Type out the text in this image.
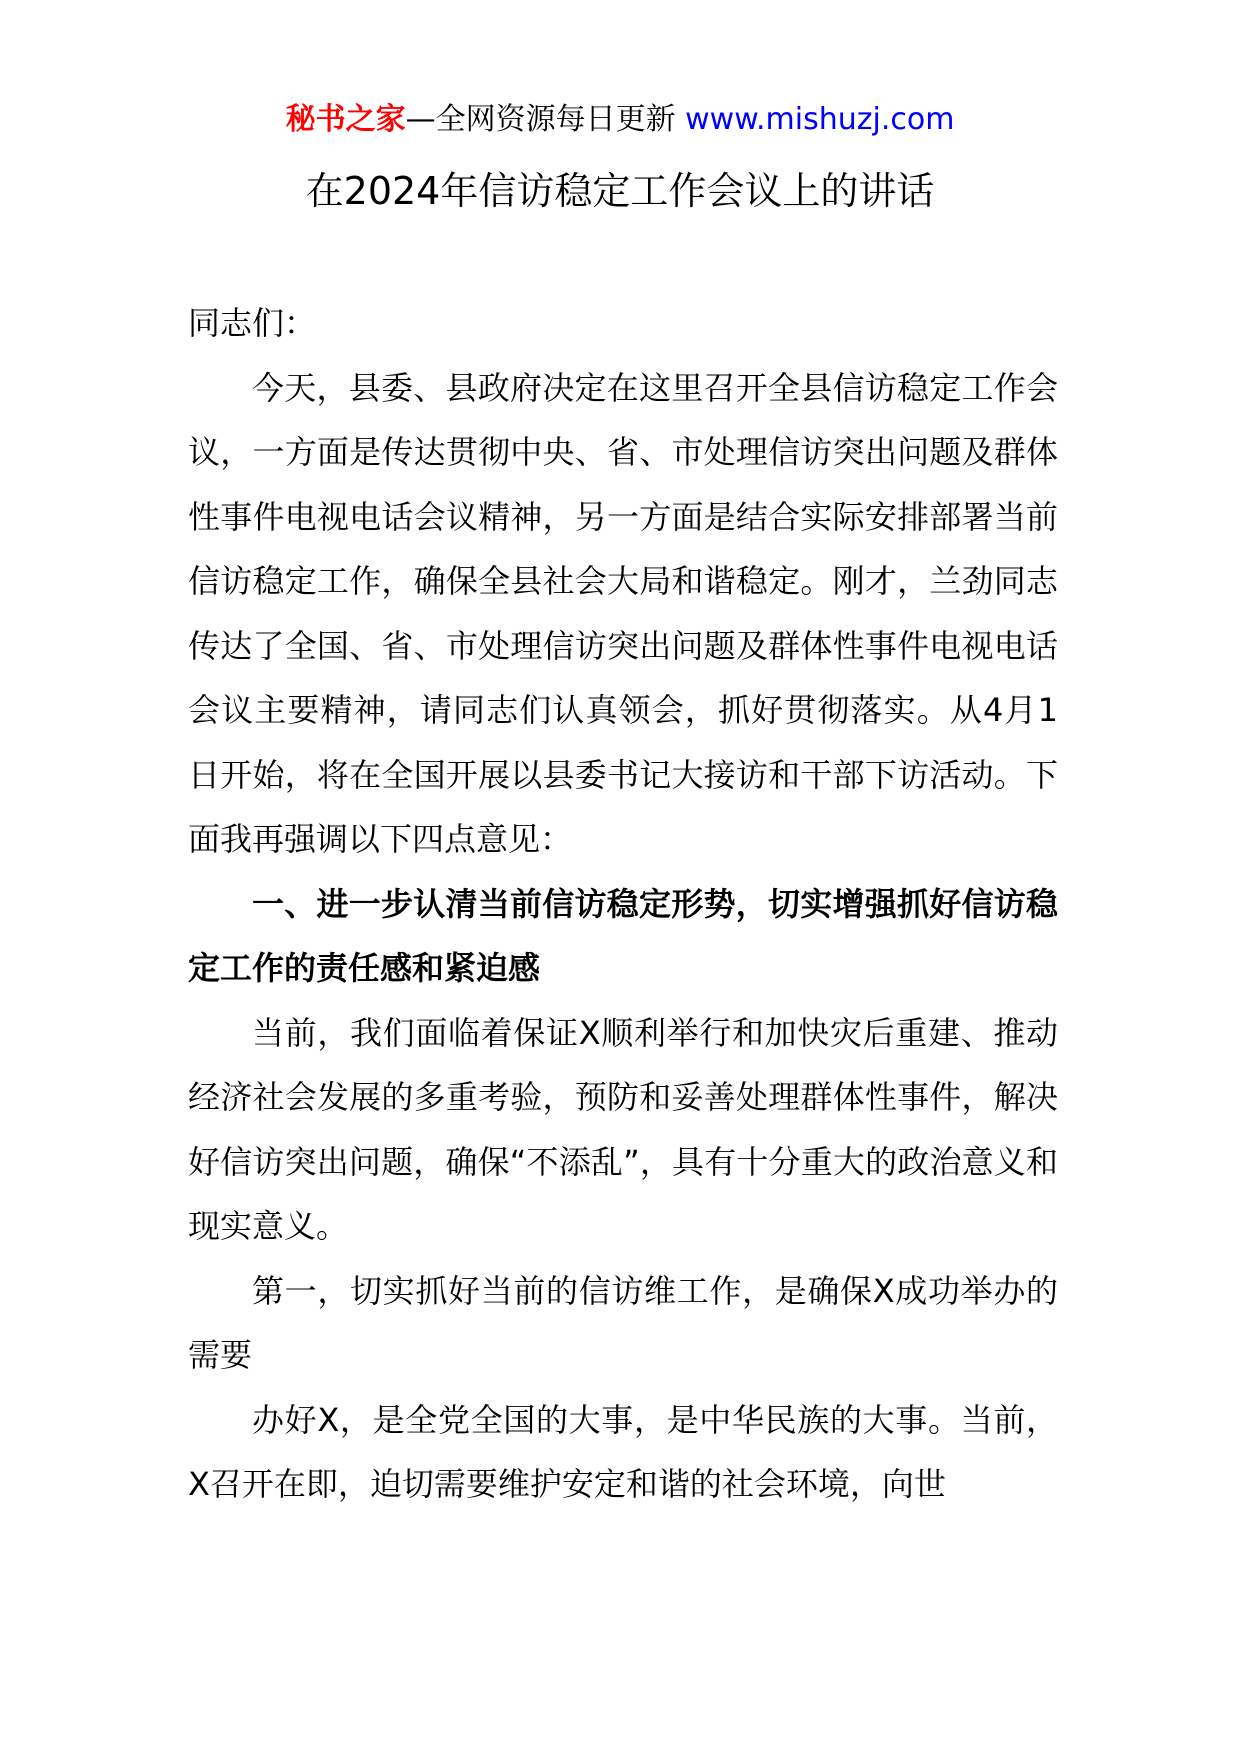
秘书之家—全网资源每日更新 www.mishuzj.com
在2024年信访稳定工作会议上的讲话

同志们：

今天，县委、县政府决定在这里召开全县信访稳定工作会议，一方面是传达贯彻中央、省、市处理信访突出问题及群体性事件电视电话会议精神，另一方面是结合实际安排部署当前信访稳定工作，确保全县社会大局和谐稳定。刚才，兰劲同志传达了全国、省、市处理信访突出问题及群体性事件电视电话会议主要精神，请同志们认真领会，抓好贯彻落实。从4月1日开始，将在全国开展以县委书记大接访和干部下访活动。下面我再强调以下四点意见：

一、进一步认清当前信访稳定形势，切实增强抓好信访稳定工作的责任感和紧迫感

当前，我们面临着保证X顺利举行和加快灾后重建、推动经济社会发展的多重考验，预防和妥善处理群体性事件，解决好信访突出问题，确保“不添乱”，具有十分重大的政治意义和现实意义。

第一，切实抓好当前的信访维工作，是确保X成功举办的需要

办好X，是全党全国的大事，是中华民族的大事。当前，X召开在即，迫切需要维护安定和谐的社会环境，向世
